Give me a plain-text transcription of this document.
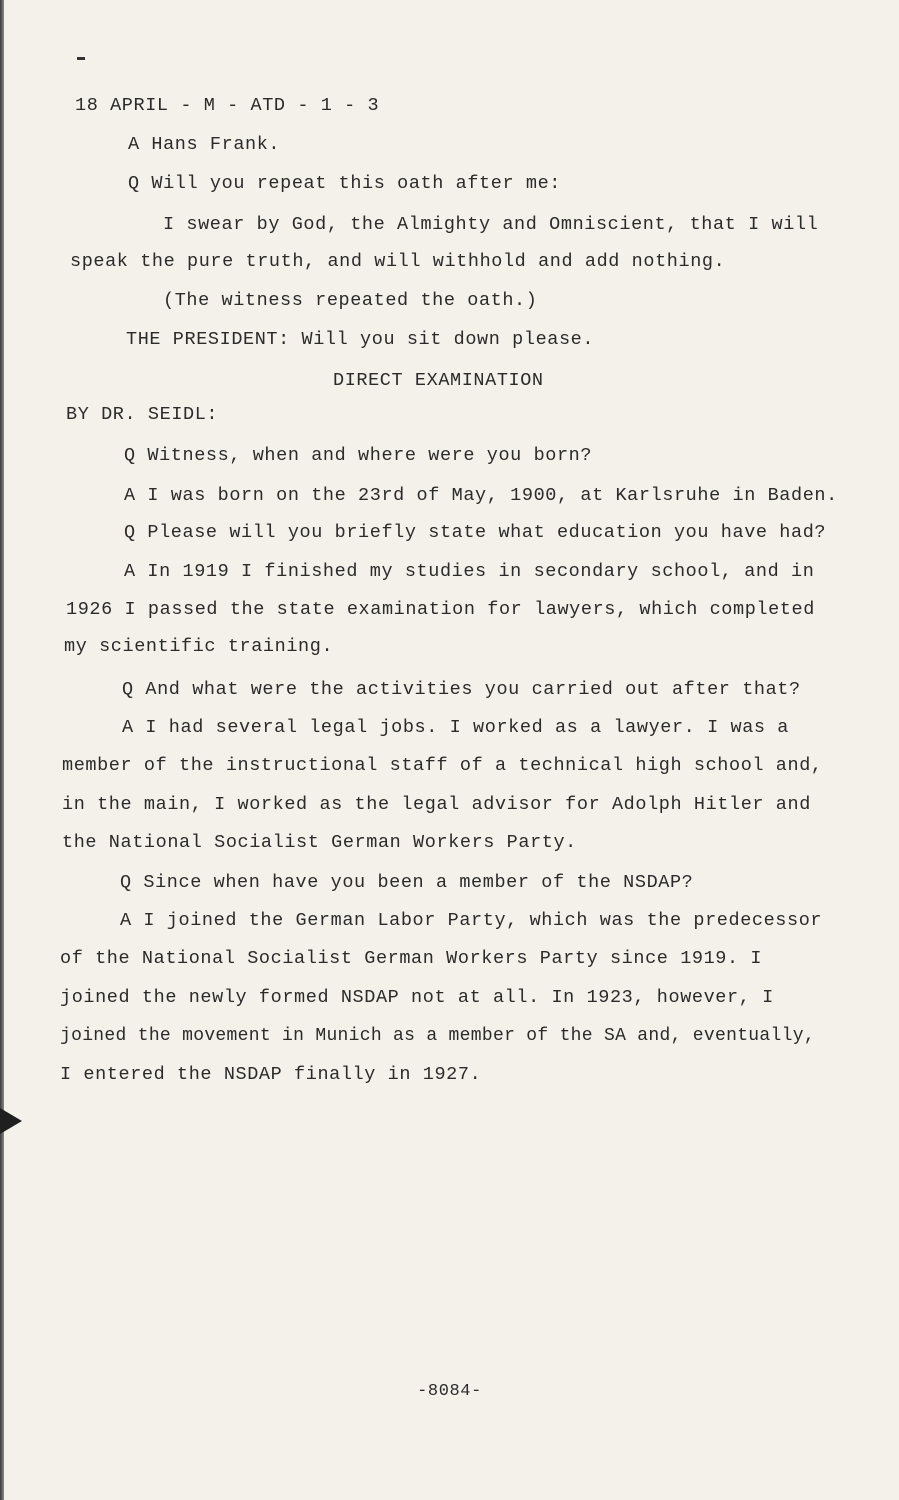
18 APRIL - M - ATD - 1 - 3
A Hans Frank.
Q Will you repeat this oath after me:
I swear by God, the Almighty and Omniscient, that I will
speak the pure truth, and will withhold and add nothing.
(The witness repeated the oath.)
THE PRESIDENT: Will you sit down please.
DIRECT EXAMINATION
BY DR. SEIDL:
Q Witness, when and where were you born?
A I was born on the 23rd of May, 1900, at Karlsruhe in Baden.
Q Please will you briefly state what education you have had?
A In 1919 I finished my studies in secondary school, and in
1926 I passed the state examination for lawyers, which completed
my scientific training.
Q And what were the activities you carried out after that?
A I had several legal jobs. I worked as a lawyer. I was a
member of the instructional staff of a technical high school and,
in the main, I worked as the legal advisor for Adolph Hitler and
the National Socialist German Workers Party.
Q Since when have you been a member of the NSDAP?
A I joined the German Labor Party, which was the predecessor
of the National Socialist German Workers Party since 1919. I
joined the newly formed NSDAP not at all. In 1923, however, I
joined the movement in Munich as a member of the SA and, eventually,
I entered the NSDAP finally in 1927.
-8084-
